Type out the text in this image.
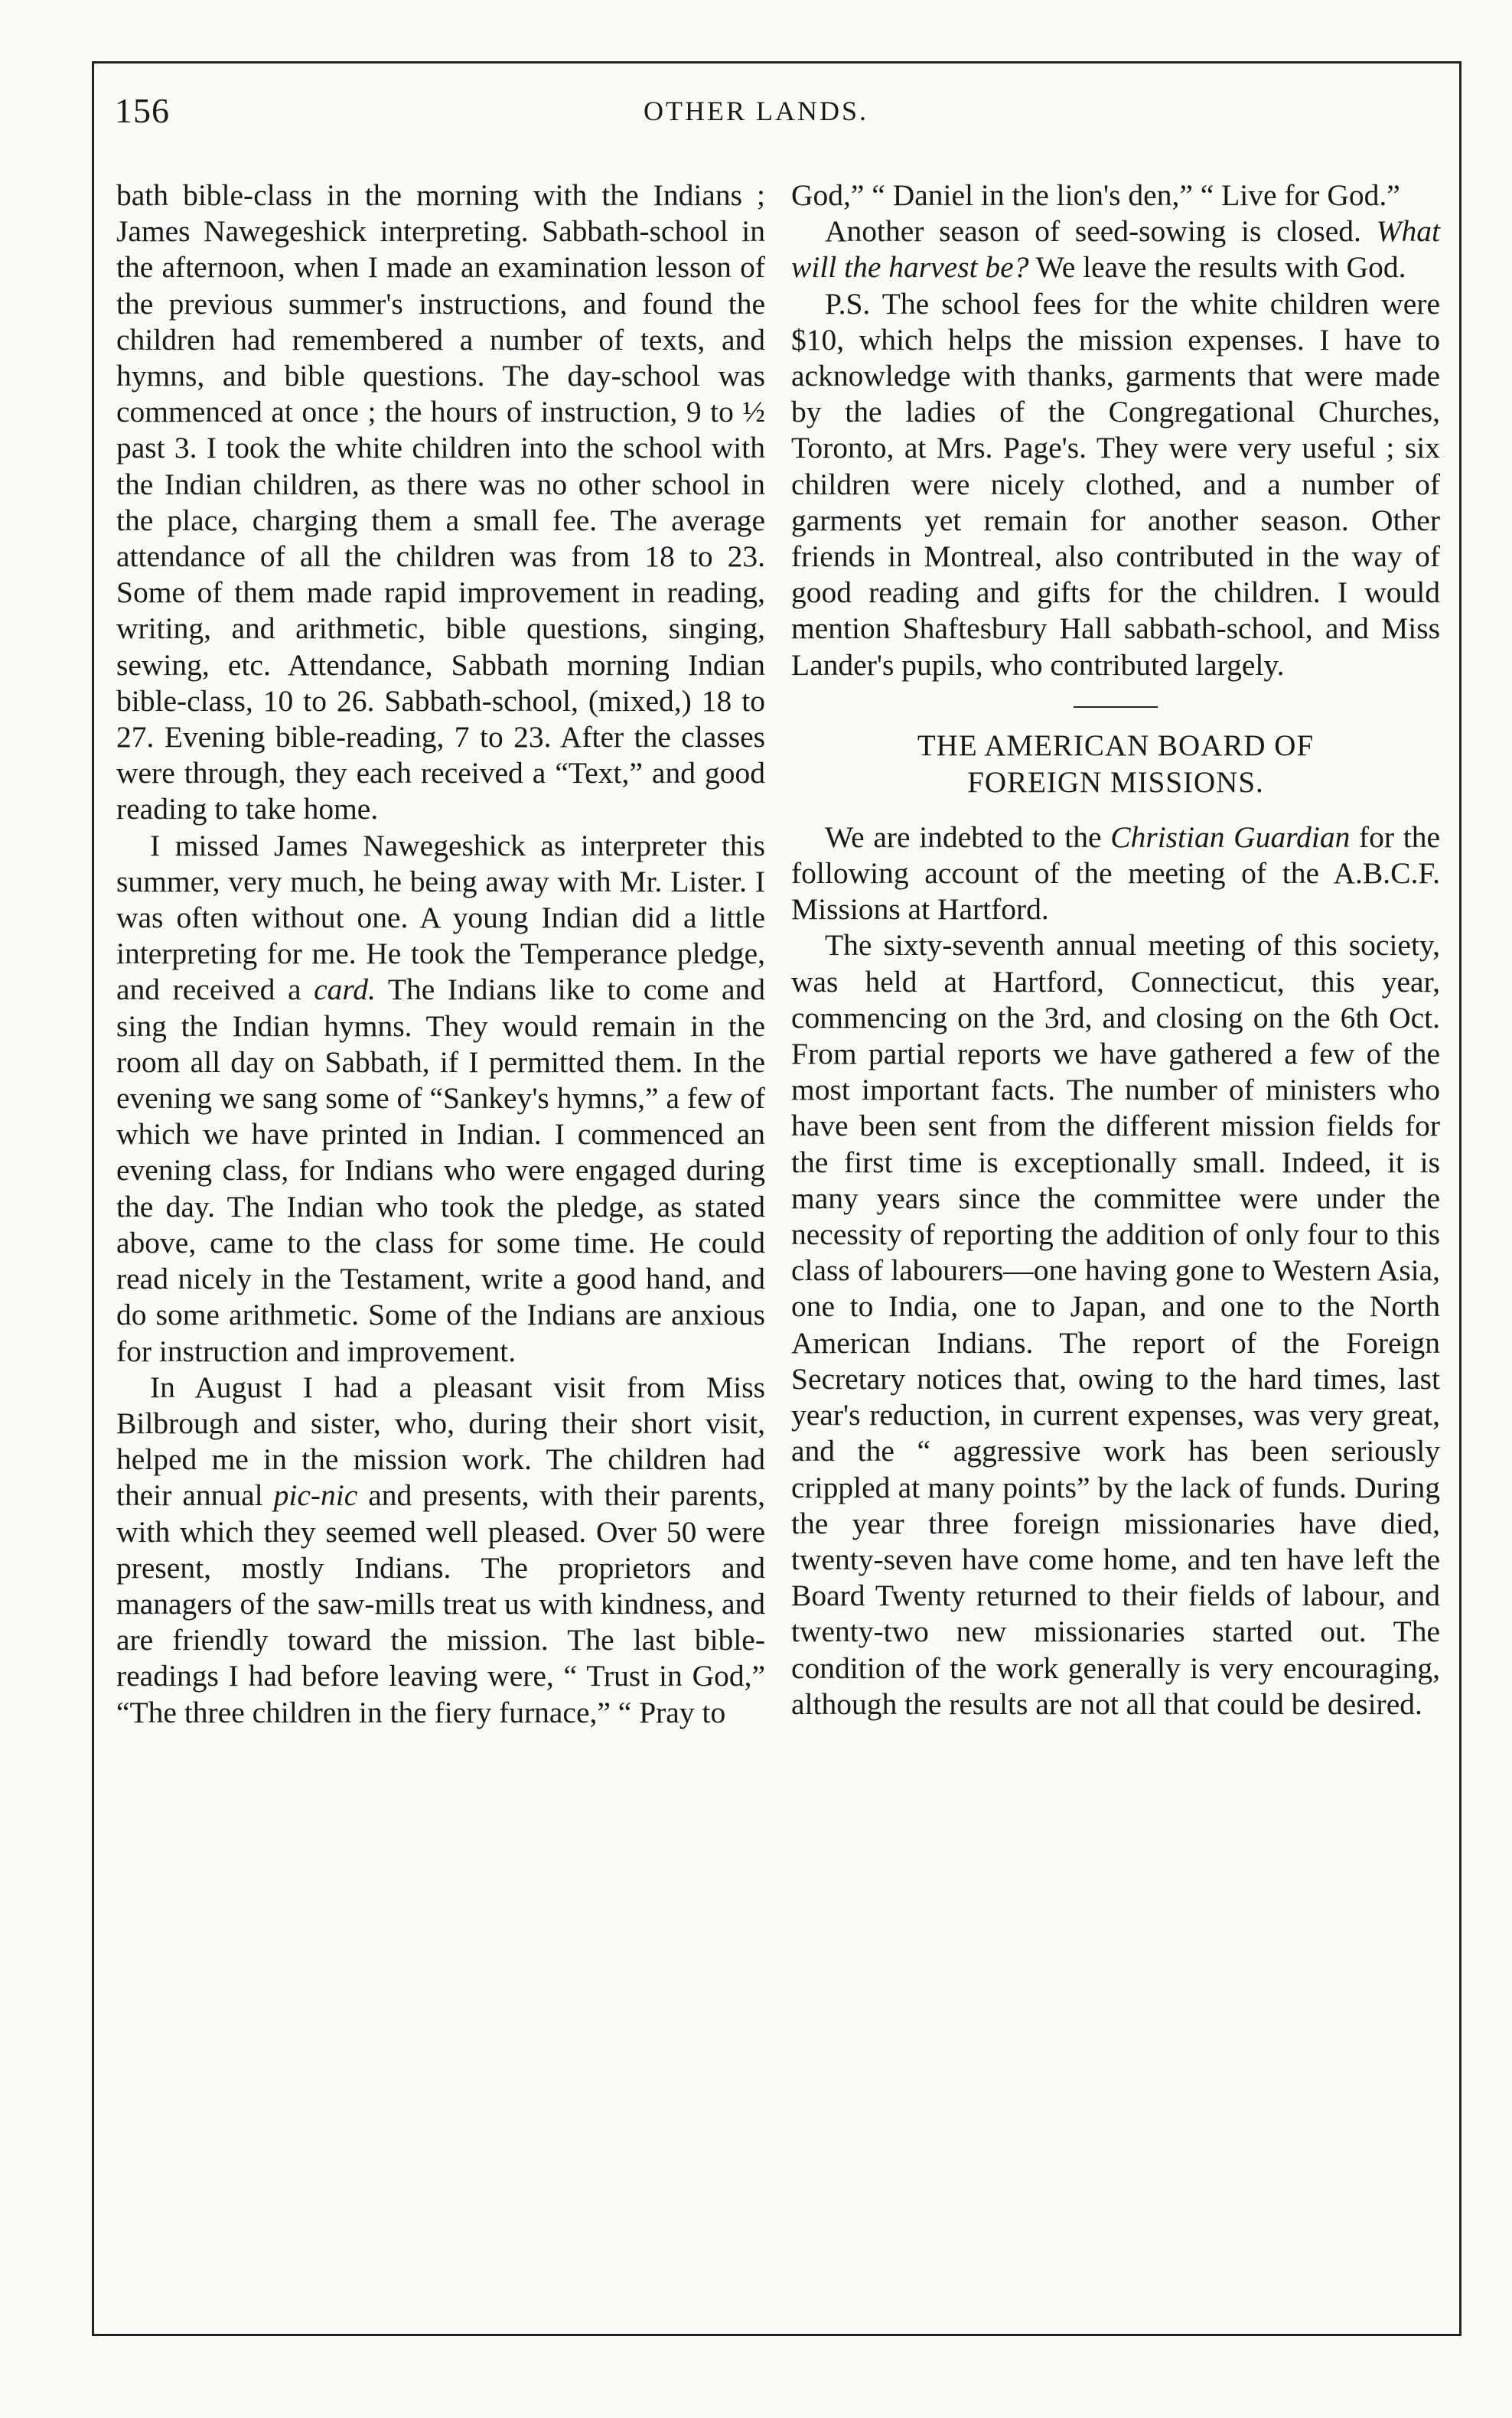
156	OTHER LANDS.

bath bible-class in the morning with the Indians ; James Nawegeshick interpreting. Sabbath-school in the afternoon, when I made an examination lesson of the previous summer's instructions, and found the children had remembered a number of texts, and hymns, and bible questions. The day-school was commenced at once ; the hours of instruction, 9 to ½ past 3. I took the white children into the school with the Indian children, as there was no other school in the place, charging them a small fee. The average attendance of all the children was from 18 to 23. Some of them made rapid improvement in reading, writing, and arithmetic, bible questions, singing, sewing, etc. Attendance, Sabbath morning Indian bible-class, 10 to 26. Sabbath-school, (mixed,) 18 to 27. Evening bible-reading, 7 to 23. After the classes were through, they each received a “Text,” and good reading to take home.

I missed James Nawegeshick as interpreter this summer, very much, he being away with Mr. Lister. I was often without one. A young Indian did a little interpreting for me. He took the Temperance pledge, and received a card. The Indians like to come and sing the Indian hymns. They would remain in the room all day on Sabbath, if I permitted them. In the evening we sang some of “Sankey's hymns,” a few of which we have printed in Indian. I commenced an evening class, for Indians who were engaged during the day. The Indian who took the pledge, as stated above, came to the class for some time. He could read nicely in the Testament, write a good hand, and do some arithmetic. Some of the Indians are anxious for instruction and improvement.

In August I had a pleasant visit from Miss Bilbrough and sister, who, during their short visit, helped me in the mission work. The children had their annual pic-nic and presents, with their parents, with which they seemed well pleased. Over 50 were present, mostly Indians. The proprietors and managers of the saw-mills treat us with kindness, and are friendly toward the mission. The last bible-readings I had before leaving were, “ Trust in God,” “The three children in the fiery furnace,” “ Pray to

God,” “ Daniel in the lion's den,” “ Live for God.”

Another season of seed-sowing is closed. What will the harvest be? We leave the results with God.

P.S. The school fees for the white children were $10, which helps the mission expenses. I have to acknowledge with thanks, garments that were made by the ladies of the Congregational Churches, Toronto, at Mrs. Page's. They were very useful ; six children were nicely clothed, and a number of garments yet remain for another season. Other friends in Montreal, also contributed in the way of good reading and gifts for the children. I would mention Shaftesbury Hall sabbath-school, and Miss Lander's pupils, who contributed largely.

THE AMERICAN BOARD OF
FOREIGN MISSIONS.

We are indebted to the Christian Guardian for the following account of the meeting of the A.B.C.F. Missions at Hartford.

The sixty-seventh annual meeting of this society, was held at Hartford, Connecticut, this year, commencing on the 3rd, and closing on the 6th Oct. From partial reports we have gathered a few of the most important facts. The number of ministers who have been sent from the different mission fields for the first time is exceptionally small. Indeed, it is many years since the committee were under the necessity of reporting the addition of only four to this class of labourers—one having gone to Western Asia, one to India, one to Japan, and one to the North American Indians. The report of the Foreign Secretary notices that, owing to the hard times, last year's reduction, in current expenses, was very great, and the “ aggressive work has been seriously crippled at many points” by the lack of funds. During the year three foreign missionaries have died, twenty-seven have come home, and ten have left the Board Twenty returned to their fields of labour, and twenty-two new missionaries started out. The condition of the work generally is very encouraging, although the results are not all that could be desired.
